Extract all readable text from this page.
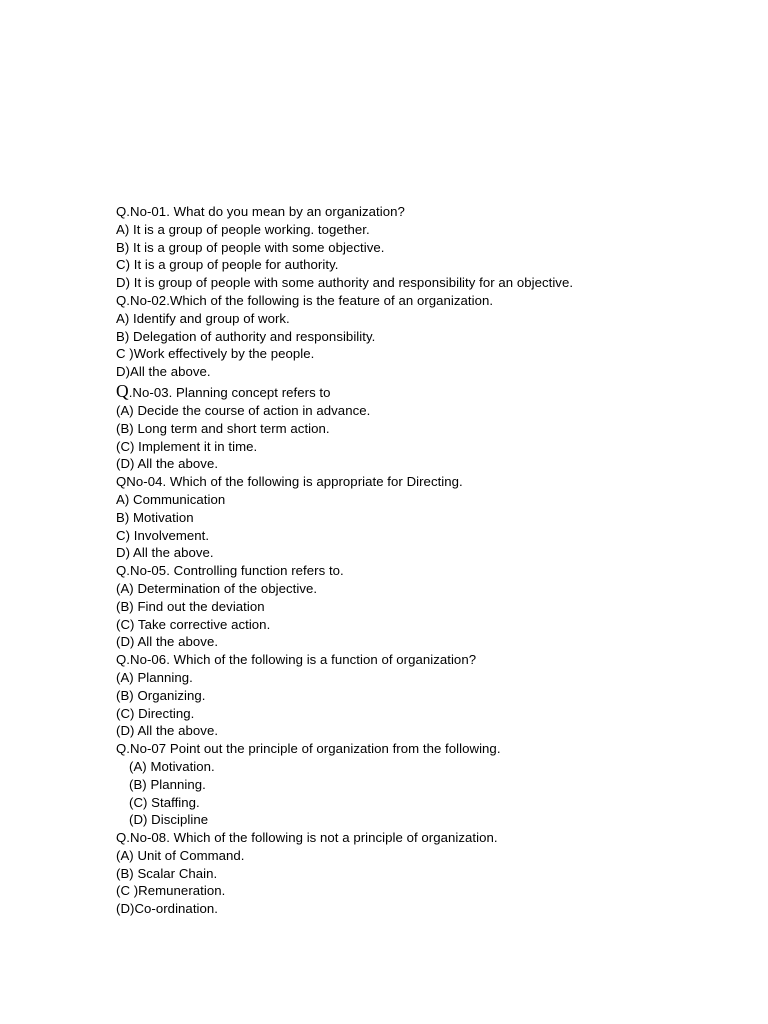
Q.No-01. What do you mean by an organization?
A) It is a group of people working. together.
B) It is a group of people with some objective.
C) It is a group of people for authority.
D) It is group of people with some authority and responsibility for an objective.
Q.No-02.Which of the following is the feature of an organization.
A) Identify and group of work.
B) Delegation of authority and responsibility.
C )Work effectively by the people.
D)All the above.
Q.No-03. Planning concept refers to
(A) Decide the course of action in advance.
(B) Long term and short term action.
(C) Implement it in time.
(D) All the above.
QNo-04. Which of the following is appropriate for Directing.
A) Communication
B) Motivation
C) Involvement.
D) All the above.
Q.No-05. Controlling function refers to.
(A) Determination of the objective.
(B) Find out the deviation
(C) Take corrective action.
(D) All the above.
Q.No-06. Which of the following is a function of organization?
(A) Planning.
(B) Organizing.
(C) Directing.
(D) All the above.
Q.No-07 Point out the principle of organization from the following.
(A) Motivation.
(B) Planning.
(C) Staffing.
(D) Discipline
Q.No-08. Which of the following is not a principle of organization.
(A) Unit of Command.
(B) Scalar Chain.
(C )Remuneration.
(D)Co-ordination.
